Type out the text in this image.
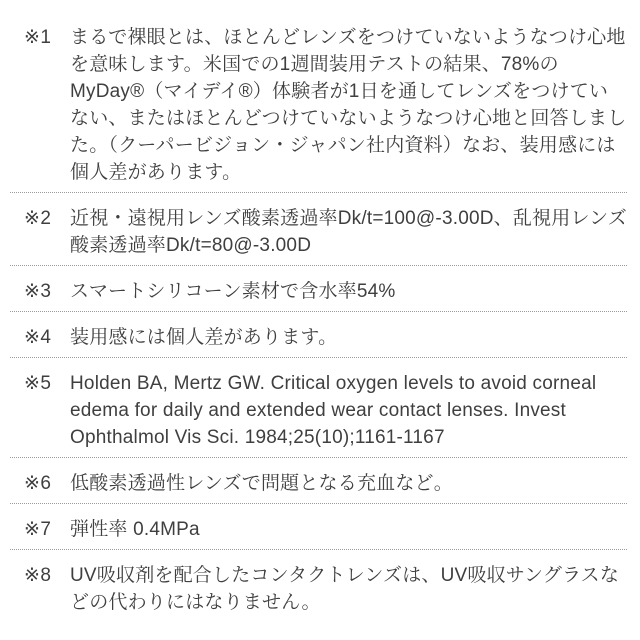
※1 まるで裸眼とは、ほとんどレンズをつけていないようなつけ心地を意味します。米国での1週間装用テストの結果、78%のMyDay®（マイデイ®）体験者が1日を通してレンズをつけていない、またはほとんどつけていないようなつけ心地と回答しました。（クーパービジョン・ジャパン社内資料）なお、装用感には個人差があります。

※2 近視・遠視用レンズ酸素透過率Dk/t=100@-3.00D、乱視用レンズ 酸素透過率Dk/t=80@-3.00D

※3 スマートシリコーン素材で含水率54%

※4 装用感には個人差があります。

※5 Holden BA, Mertz GW. Critical oxygen levels to avoid corneal edema for daily and extended wear contact lenses. Invest Ophthalmol Vis Sci. 1984;25(10);1161-1167

※6 低酸素透過性レンズで問題となる充血など。

※7 弾性率 0.4MPa

※8 UV吸収剤を配合したコンタクトレンズは、UV吸収サングラスなどの代わりにはなりません。
